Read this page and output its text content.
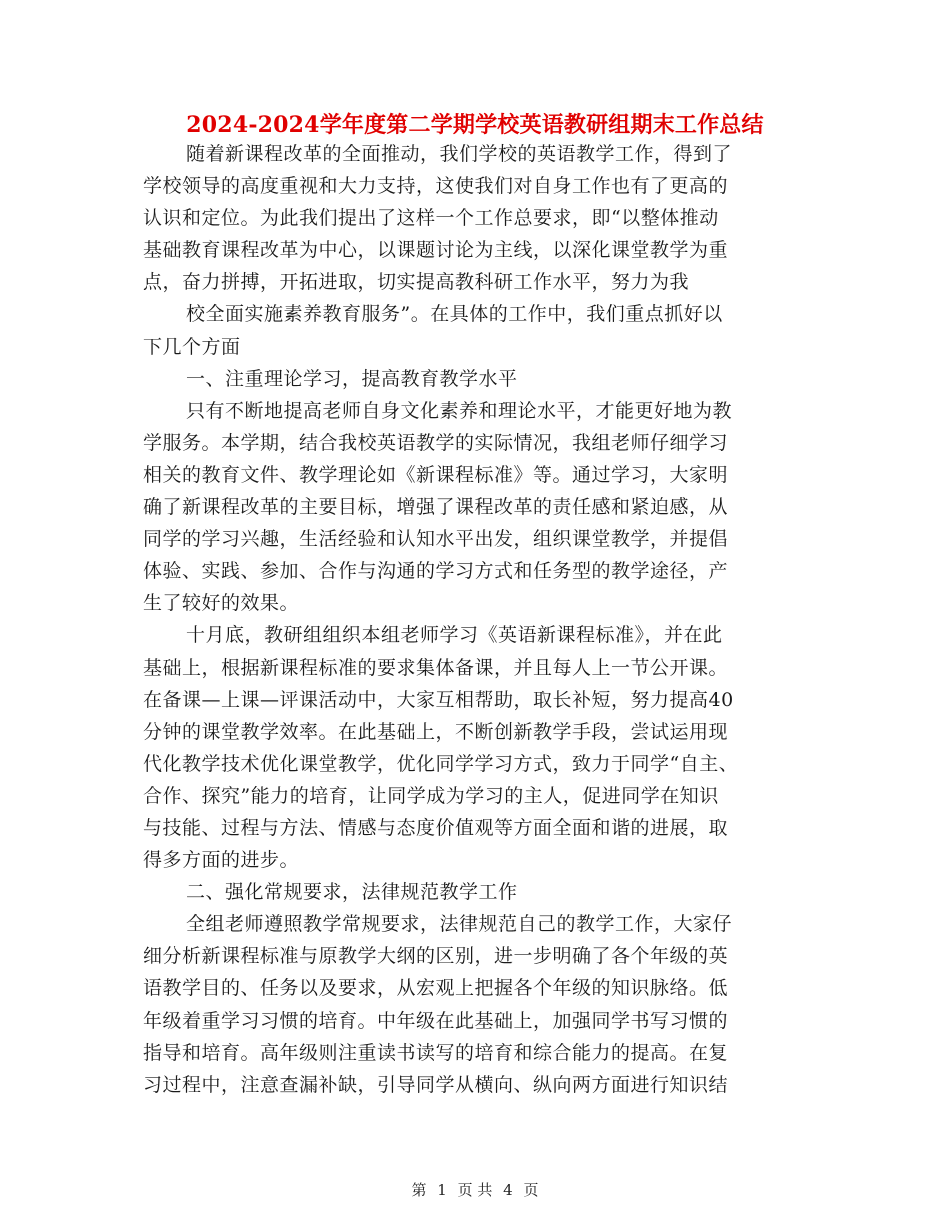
2024-2024学年度第二学期学校英语教研组期末工作总结
随着新课程改革的全面推动，我们学校的英语教学工作，得到了
学校领导的高度重视和大力支持，这使我们对自身工作也有了更高的
认识和定位。为此我们提出了这样一个工作总要求，即“以整体推动
基础教育课程改革为中心，以课题讨论为主线，以深化课堂教学为重
点，奋力拼搏，开拓进取，切实提高教科研工作水平，努力为我
校全面实施素养教育服务”。在具体的工作中，我们重点抓好以
下几个方面
一、注重理论学习，提高教育教学水平
只有不断地提高老师自身文化素养和理论水平，才能更好地为教
学服务。本学期，结合我校英语教学的实际情况，我组老师仔细学习
相关的教育文件、教学理论如《新课程标准》等。通过学习，大家明
确了新课程改革的主要目标，增强了课程改革的责任感和紧迫感，从
同学的学习兴趣，生活经验和认知水平出发，组织课堂教学，并提倡
体验、实践、参加、合作与沟通的学习方式和任务型的教学途径，产
生了较好的效果。
十月底，教研组组织本组老师学习《英语新课程标准》，并在此
基础上，根据新课程标准的要求集体备课，并且每人上一节公开课。
在备课—上课—评课活动中，大家互相帮助，取长补短，努力提高40
分钟的课堂教学效率。在此基础上，不断创新教学手段，尝试运用现
代化教学技术优化课堂教学，优化同学学习方式，致力于同学“自主、
合作、探究”能力的培育，让同学成为学习的主人，促进同学在知识
与技能、过程与方法、情感与态度价值观等方面全面和谐的进展，取
得多方面的进步。
二、强化常规要求，法律规范教学工作
全组老师遵照教学常规要求，法律规范自己的教学工作，大家仔
细分析新课程标准与原教学大纲的区别，进一步明确了各个年级的英
语教学目的、任务以及要求，从宏观上把握各个年级的知识脉络。低
年级着重学习习惯的培育。中年级在此基础上，加强同学书写习惯的
指导和培育。高年级则注重读书读写的培育和综合能力的提高。在复
习过程中，注意查漏补缺，引导同学从横向、纵向两方面进行知识结
第 1 页 共 4 页
